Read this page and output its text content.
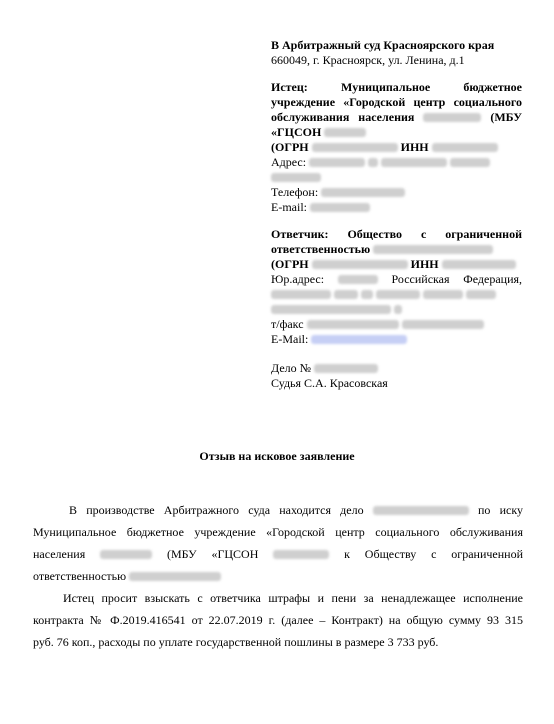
В Арбитражный суд Красноярского края
660049, г. Красноярск, ул. Ленина, д.1
Истец:	Муниципальное бюджетное
учреждение «Городской центр социального
обслуживания населения	(МБУ
«ГЦСОН
(ОГРН	ИНН
Адрес:
Телефон:
E-mail:
Ответчик: Общество с ограниченной
ответственностью
(ОГРН	ИНН
Юр.адрес:	Российская Федерация,

т/факс
E-Mail:
Дело №
Судья С.А. Красовская
Отзыв на исковое заявление
В производстве Арбитражного суда находится дело	по иску
Муниципальное бюджетное учреждение «Городской центр социального обслуживания
населения	(МБУ «ГЦСОН	к Обществу с ограниченной
ответственностью
Истец просит взыскать с ответчика штрафы и пени за ненадлежащее исполнение
контракта № Ф.2019.416541 от 22.07.2019 г. (далее – Контракт) на общую сумму 93 315
руб. 76 коп., расходы по уплате государственной пошлины в размере 3 733 руб.
